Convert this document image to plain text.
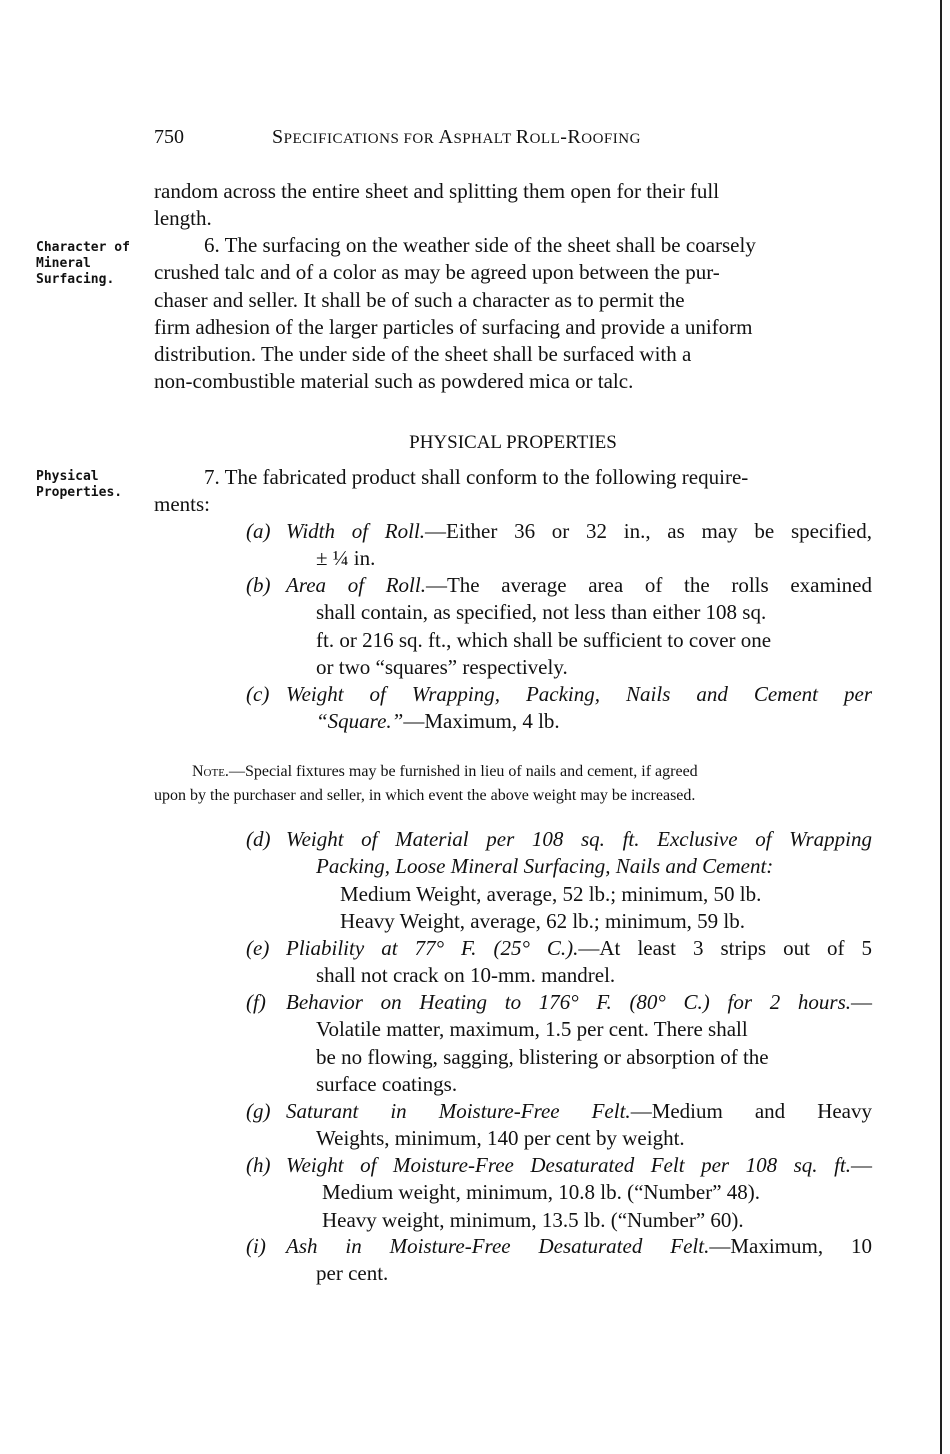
750	SPECIFICATIONS FOR ASPHALT ROLL-ROOFING
Character of
Mineral
Surfacing.
Physical
Properties.
random across the entire sheet and splitting them open for their full
length.
6. The surfacing on the weather side of the sheet shall be coarsely
crushed talc and of a color as may be agreed upon between the pur-
chaser and seller. It shall be of such a character as to permit the
firm adhesion of the larger particles of surfacing and provide a uniform
distribution. The under side of the sheet shall be surfaced with a
non-combustible material such as powdered mica or talc.
PHYSICAL PROPERTIES
7. The fabricated product shall conform to the following require-
ments:
(a) Width of Roll.—Either 36 or 32 in., as may be specified,
± ¼ in.
(b) Area of Roll.—The average area of the rolls examined
shall contain, as specified, not less than either 108 sq.
ft. or 216 sq. ft., which shall be sufficient to cover one
or two “squares” respectively.
(c) Weight of Wrapping, Packing, Nails and Cement per
“Square.”—Maximum, 4 lb.
Note.—Special fixtures may be furnished in lieu of nails and cement, if agreed
upon by the purchaser and seller, in which event the above weight may be increased.
(d) Weight of Material per 108 sq. ft. Exclusive of Wrapping
Packing, Loose Mineral Surfacing, Nails and Cement:
Medium Weight, average, 52 lb.; minimum, 50 lb.
Heavy Weight, average, 62 lb.; minimum, 59 lb.
(e) Pliability at 77° F. (25° C.).—At least 3 strips out of 5
shall not crack on 10-mm. mandrel.
(f) Behavior on Heating to 176° F. (80° C.) for 2 hours.—
Volatile matter, maximum, 1.5 per cent. There shall
be no flowing, sagging, blistering or absorption of the
surface coatings.
(g) Saturant in Moisture-Free Felt.—Medium and Heavy
Weights, minimum, 140 per cent by weight.
(h) Weight of Moisture-Free Desaturated Felt per 108 sq. ft.—
Medium weight, minimum, 10.8 lb. (“Number” 48).
Heavy weight, minimum, 13.5 lb. (“Number” 60).
(i) Ash in Moisture-Free Desaturated Felt.—Maximum, 10
per cent.
